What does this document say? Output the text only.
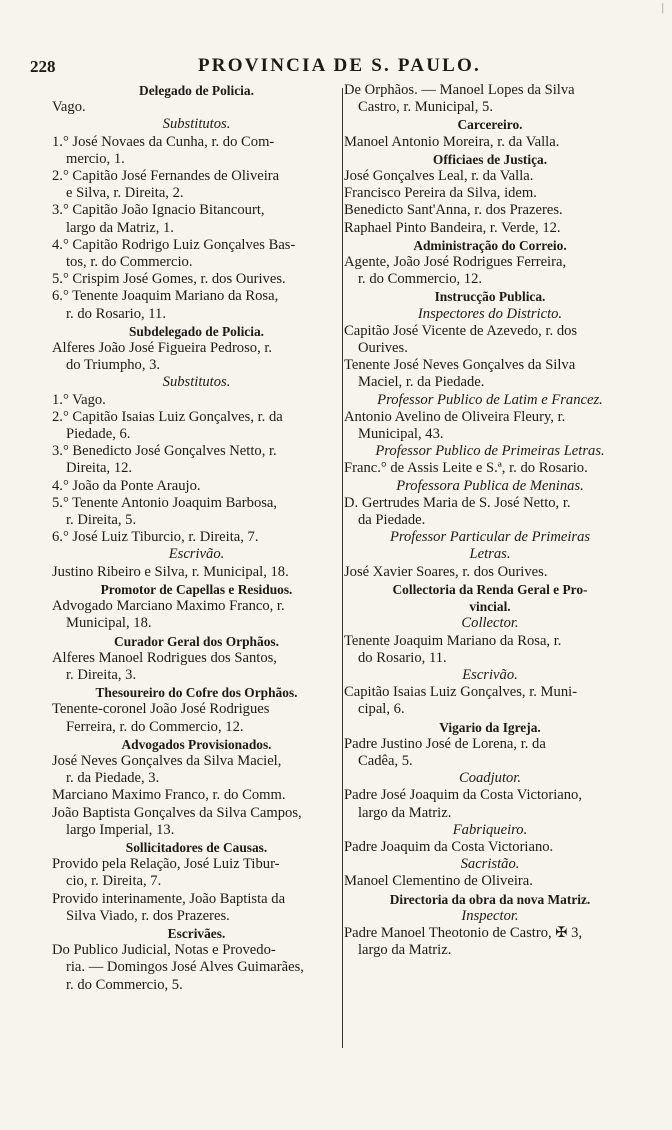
228	PROVINCIA DE S. PAULO.
|
Delegado de Policia.
Vago.
Substitutos.
1.° José Novaes da Cunha, r. do Com-
mercio, 1.
2.° Capitão José Fernandes de Oliveira
e Silva, r. Direita, 2.
3.° Capitão João Ignacio Bitancourt,
largo da Matriz, 1.
4.° Capitão Rodrigo Luiz Gonçalves Bas-
tos, r. do Commercio.
5.° Crispim José Gomes, r. dos Ourives.
6.° Tenente Joaquim Mariano da Rosa,
r. do Rosario, 11.
Subdelegado de Policia.
Alferes João José Figueira Pedroso, r.
do Triumpho, 3.
Substitutos.
1.° Vago.
2.° Capitão Isaias Luiz Gonçalves, r. da
Piedade, 6.
3.° Benedicto José Gonçalves Netto, r.
Direita, 12.
4.° João da Ponte Araujo.
5.° Tenente Antonio Joaquim Barbosa,
r. Direita, 5.
6.° José Luiz Tiburcio, r. Direita, 7.
Escrivão.
Justino Ribeiro e Silva, r. Municipal, 18.
Promotor de Capellas e Residuos.
Advogado Marciano Maximo Franco, r.
Municipal, 18.
Curador Geral dos Orphãos.
Alferes Manoel Rodrigues dos Santos,
r. Direita, 3.
Thesoureiro do Cofre dos Orphãos.
Tenente-coronel João José Rodrigues
Ferreira, r. do Commercio, 12.
Advogados Provisionados.
José Neves Gonçalves da Silva Maciel,
r. da Piedade, 3.
Marciano Maximo Franco, r. do Comm.
João Baptista Gonçalves da Silva Campos,
largo Imperial, 13.
Sollicitadores de Causas.
Provido pela Relação, José Luiz Tibur-
cio, r. Direita, 7.
Provido interinamente, João Baptista da
Silva Viado, r. dos Prazeres.
Escrivães.
Do Publico Judicial, Notas e Provedo-
ria. — Domingos José Alves Guimarães,
r. do Commercio, 5.
De Orphãos. — Manoel Lopes da Silva
Castro, r. Municipal, 5.
Carcereiro.
Manoel Antonio Moreira, r. da Valla.
Officiaes de Justiça.
José Gonçalves Leal, r. da Valla.
Francisco Pereira da Silva, idem.
Benedicto Sant'Anna, r. dos Prazeres.
Raphael Pinto Bandeira, r. Verde, 12.
Administração do Correio.
Agente, João José Rodrigues Ferreira,
r. do Commercio, 12.
Instrucção Publica.
Inspectores do Districto.
Capitão José Vicente de Azevedo, r. dos
Ourives.
Tenente José Neves Gonçalves da Silva
Maciel, r. da Piedade.
Professor Publico de Latim e Francez.
Antonio Avelino de Oliveira Fleury, r.
Municipal, 43.
Professor Publico de Primeiras Letras.
Franc.° de Assis Leite e S.ª, r. do Rosario.
Professora Publica de Meninas.
D. Gertrudes Maria de S. José Netto, r.
da Piedade.
Professor Particular de Primeiras
Letras.
José Xavier Soares, r. dos Ourives.
Collectoria da Renda Geral e Pro-
vincial.
Collector.
Tenente Joaquim Mariano da Rosa, r.
do Rosario, 11.
Escrivão.
Capitão Isaias Luiz Gonçalves, r. Muni-
cipal, 6.
Vigario da Igreja.
Padre Justino José de Lorena, r. da
Cadêa, 5.
Coadjutor.
Padre José Joaquim da Costa Victoriano,
largo da Matriz.
Fabriqueiro.
Padre Joaquim da Costa Victoriano.
Sacristão.
Manoel Clementino de Oliveira.
Directoria da obra da nova Matriz.
Inspector.
Padre Manoel Theotonio de Castro, ✠ 3,
largo da Matriz.
